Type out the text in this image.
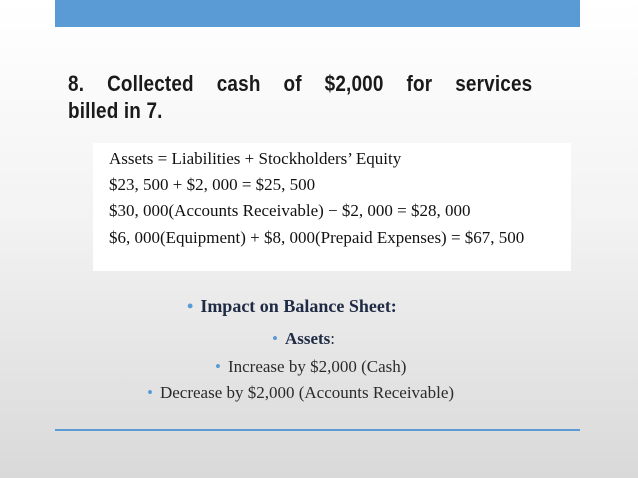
8. Collected cash of $2,000 for services
billed in 7.
Assets = Liabilities + Stockholders’ Equity
$23, 500 + $2, 000 = $25, 500
$30, 000(Accounts Receivable) − $2, 000 = $28, 000
$6, 000(Equipment) + $8, 000(Prepaid Expenses) = $67, 500
• Impact on Balance Sheet:
• Assets:
• Increase by $2,000 (Cash)
• Decrease by $2,000 (Accounts Receivable)
